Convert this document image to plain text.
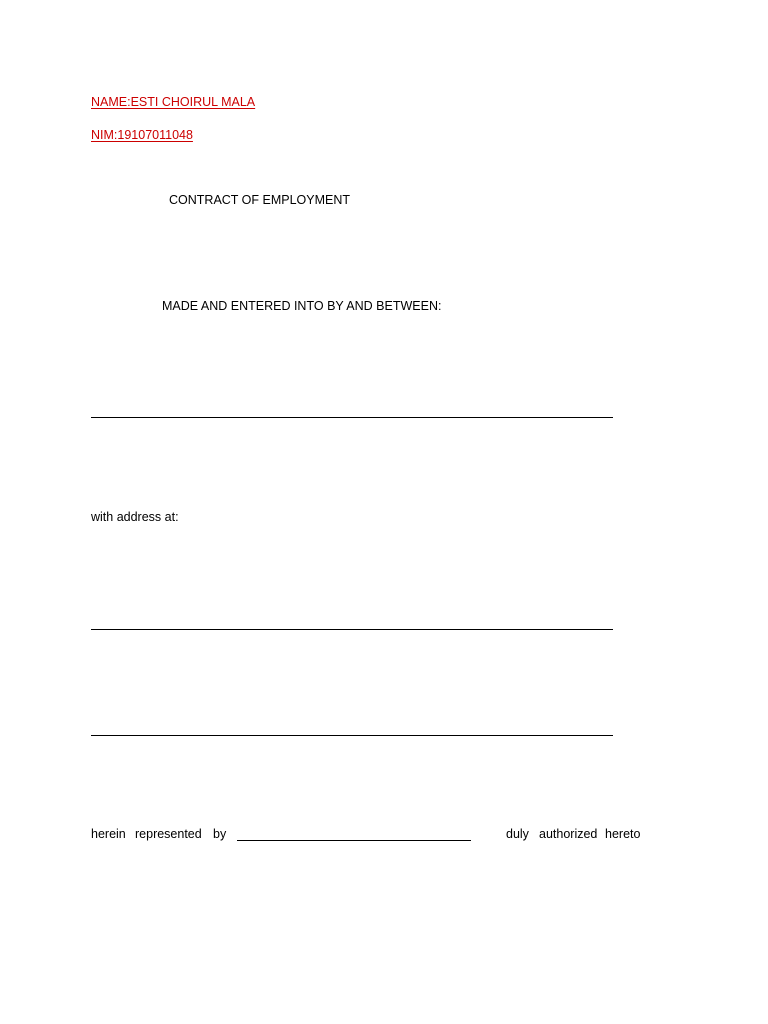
NAME:ESTI CHOIRUL MALA
NIM:19107011048
CONTRACT OF EMPLOYMENT
MADE AND ENTERED INTO BY AND BETWEEN:
with address at:
herein represented by	duly authorized hereto
